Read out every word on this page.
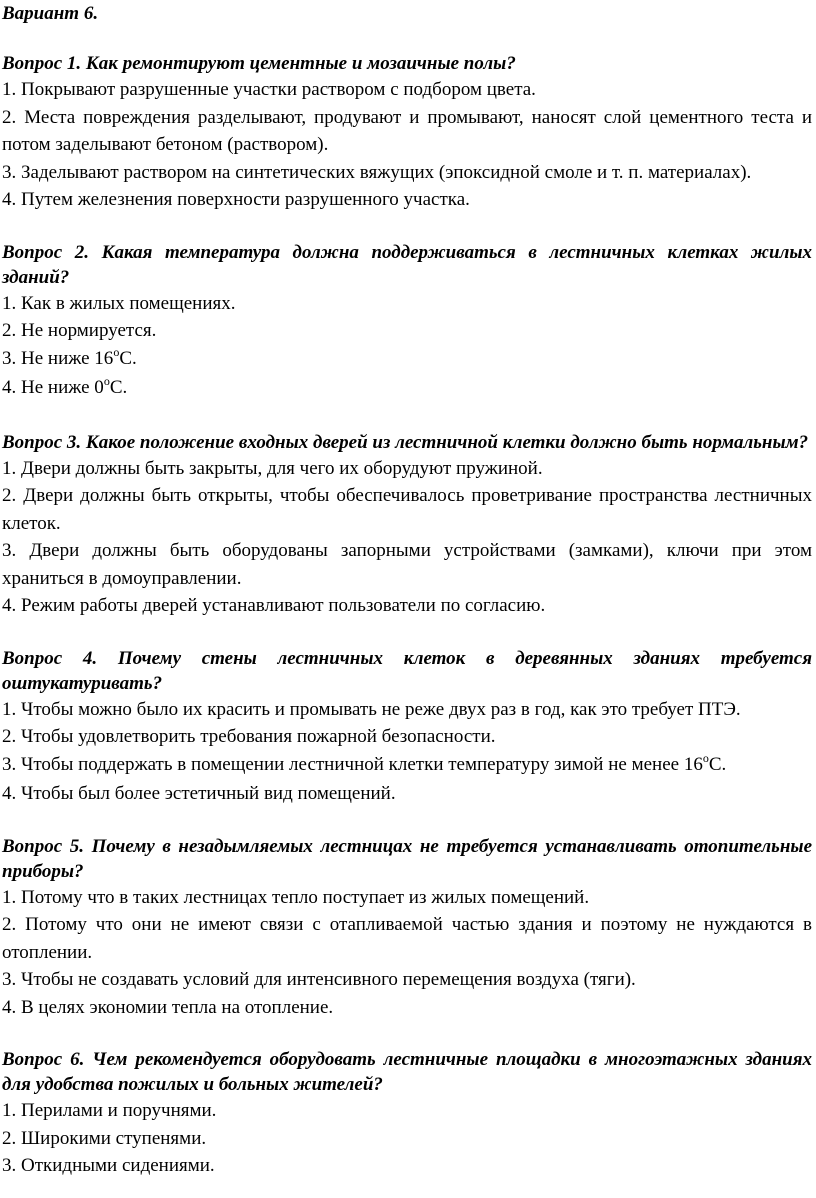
Вариант 6.
Вопрос 1. Как ремонтируют цементные и мозаичные полы?
1. Покрывают разрушенные участки раствором с подбором цвета.
2. Места повреждения разделывают, продувают и промывают, наносят слой цементного теста и потом заделывают бетоном (раствором).
3. Заделывают раствором на синтетических вяжущих (эпоксидной смоле и т. п. материалах).
4. Путем железнения поверхности разрушенного участка.
Вопрос 2. Какая температура должна поддерживаться в лестничных клетках жилых зданий?
1. Как в жилых помещениях.
2. Не нормируется.
3. Не ниже 16$^o$С.
4. Не ниже 0$^o$С.
Вопрос 3. Какое положение входных дверей из лестничной клетки должно быть нормальным?
1. Двери должны быть закрыты, для чего их оборудуют пружиной.
2. Двери должны быть открыты, чтобы обеспечивалось проветривание пространства лестничных клеток.
3. Двери должны быть оборудованы запорными устройствами (замками), ключи при этом храниться в домоуправлении.
4. Режим работы дверей устанавливают пользователи по согласию.
Вопрос 4. Почему стены лестничных клеток в деревянных зданиях требуется оштукатуривать?
1. Чтобы можно было их красить и промывать не реже двух раз в год, как это требует ПТЭ.
2. Чтобы удовлетворить требования пожарной безопасности.
3. Чтобы поддержать в помещении лестничной клетки температуру зимой не менее 16$^o$С.
4. Чтобы был более эстетичный вид помещений.
Вопрос 5. Почему в незадымляемых лестницах не требуется устанавливать отопительные приборы?
1. Потому что в таких лестницах тепло поступает из жилых помещений.
2. Потому что они не имеют связи с отапливаемой частью здания и поэтому не нуждаются в отоплении.
3. Чтобы не создавать условий для интенсивного перемещения воздуха (тяги).
4. В целях экономии тепла на отопление.
Вопрос 6. Чем рекомендуется оборудовать лестничные площадки в многоэтажных зданиях для удобства пожилых и больных жителей?
1. Перилами и поручнями.
2. Широкими ступенями.
3. Откидными сидениями.
